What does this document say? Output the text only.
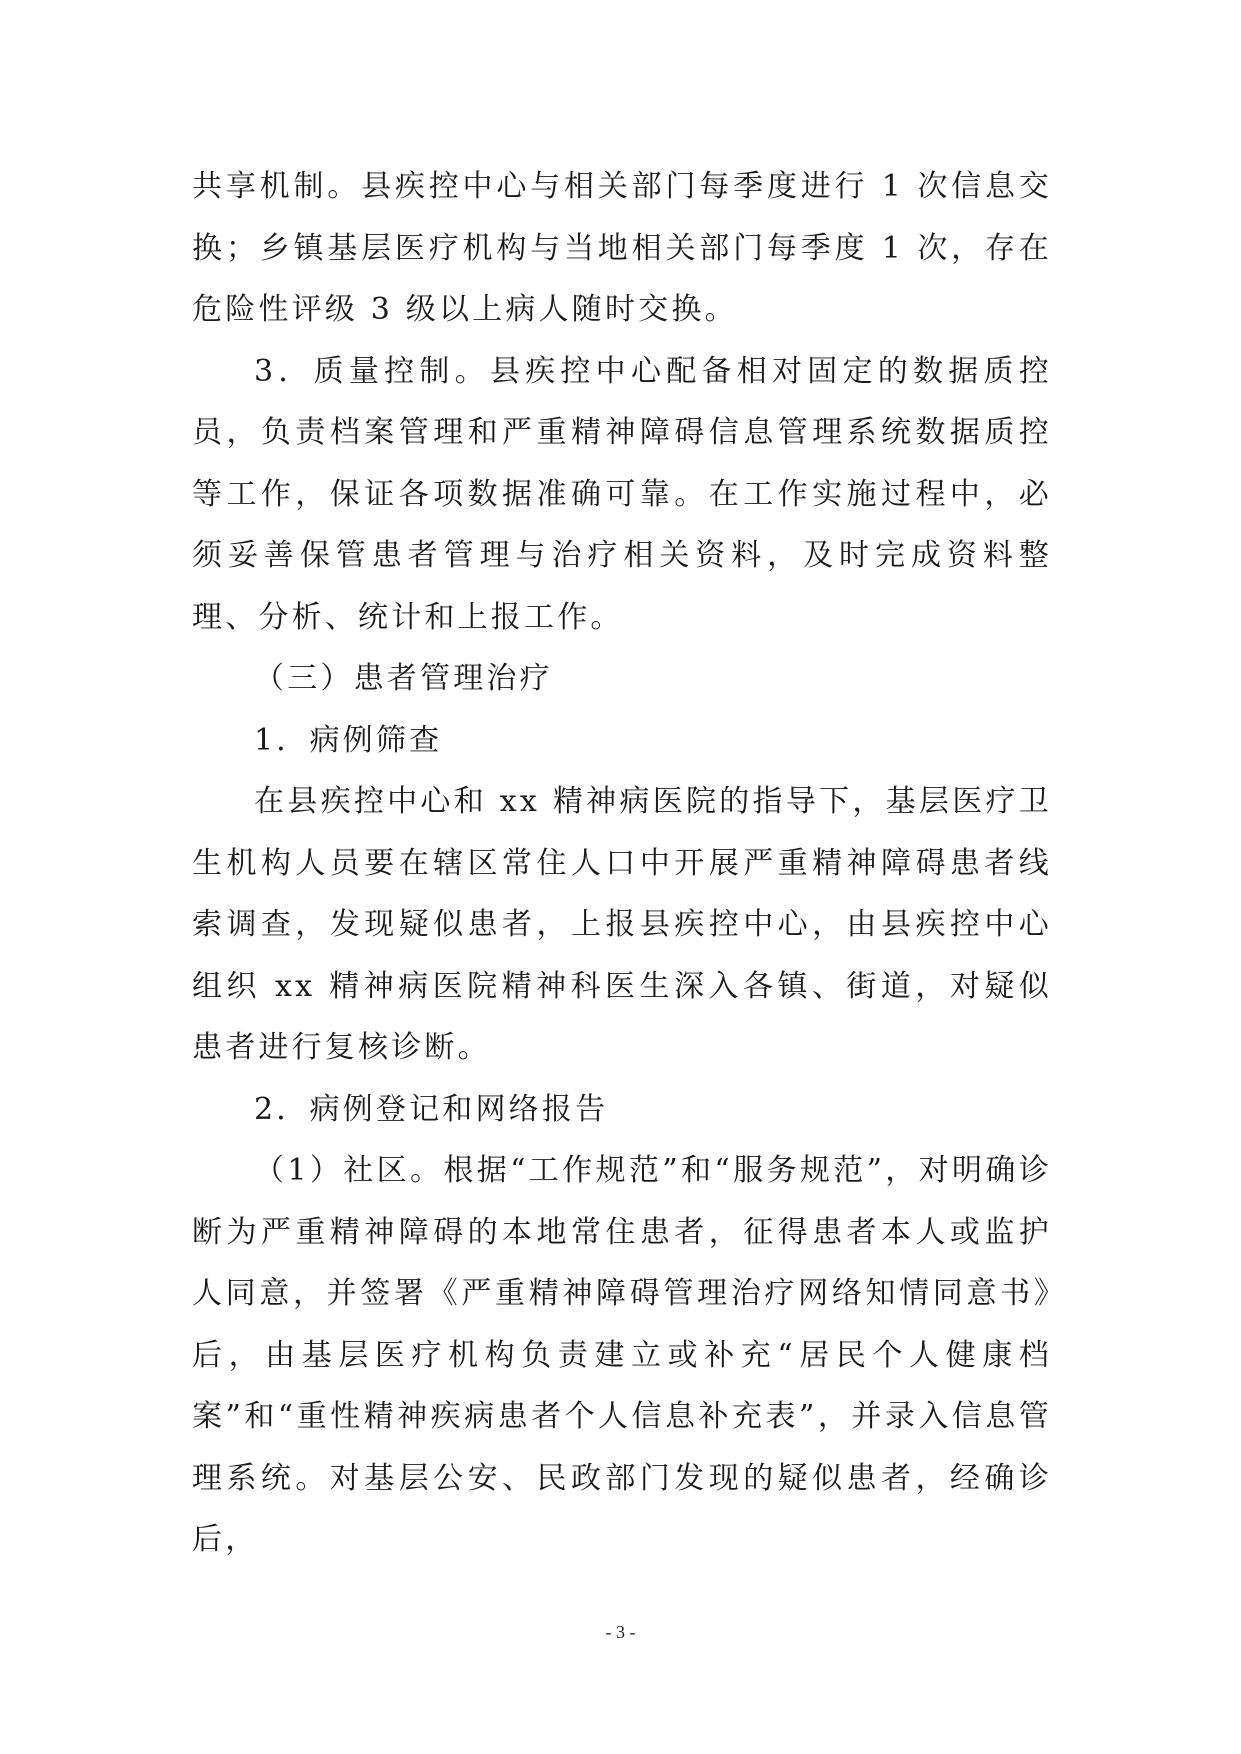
共享机制。县疾控中心与相关部门每季度进行 1 次信息交换；乡镇基层医疗机构与当地相关部门每季度 1 次，存在危险性评级 3 级以上病人随时交换。

3．质量控制。县疾控中心配备相对固定的数据质控员，负责档案管理和严重精神障碍信息管理系统数据质控等工作，保证各项数据准确可靠。在工作实施过程中，必须妥善保管患者管理与治疗相关资料，及时完成资料整理、分析、统计和上报工作。

（三）患者管理治疗

1．病例筛查

在县疾控中心和 xx 精神病医院的指导下，基层医疗卫生机构人员要在辖区常住人口中开展严重精神障碍患者线索调查，发现疑似患者，上报县疾控中心，由县疾控中心组织 xx 精神病医院精神科医生深入各镇、街道，对疑似患者进行复核诊断。

2．病例登记和网络报告

（1）社区。根据“工作规范”和“服务规范”，对明确诊断为严重精神障碍的本地常住患者，征得患者本人或监护人同意，并签署《严重精神障碍管理治疗网络知情同意书》后，由基层医疗机构负责建立或补充“居民个人健康档案”和“重性精神疾病患者个人信息补充表”，并录入信息管理系统。对基层公安、民政部门发现的疑似患者，经确诊后，

- 3 -
